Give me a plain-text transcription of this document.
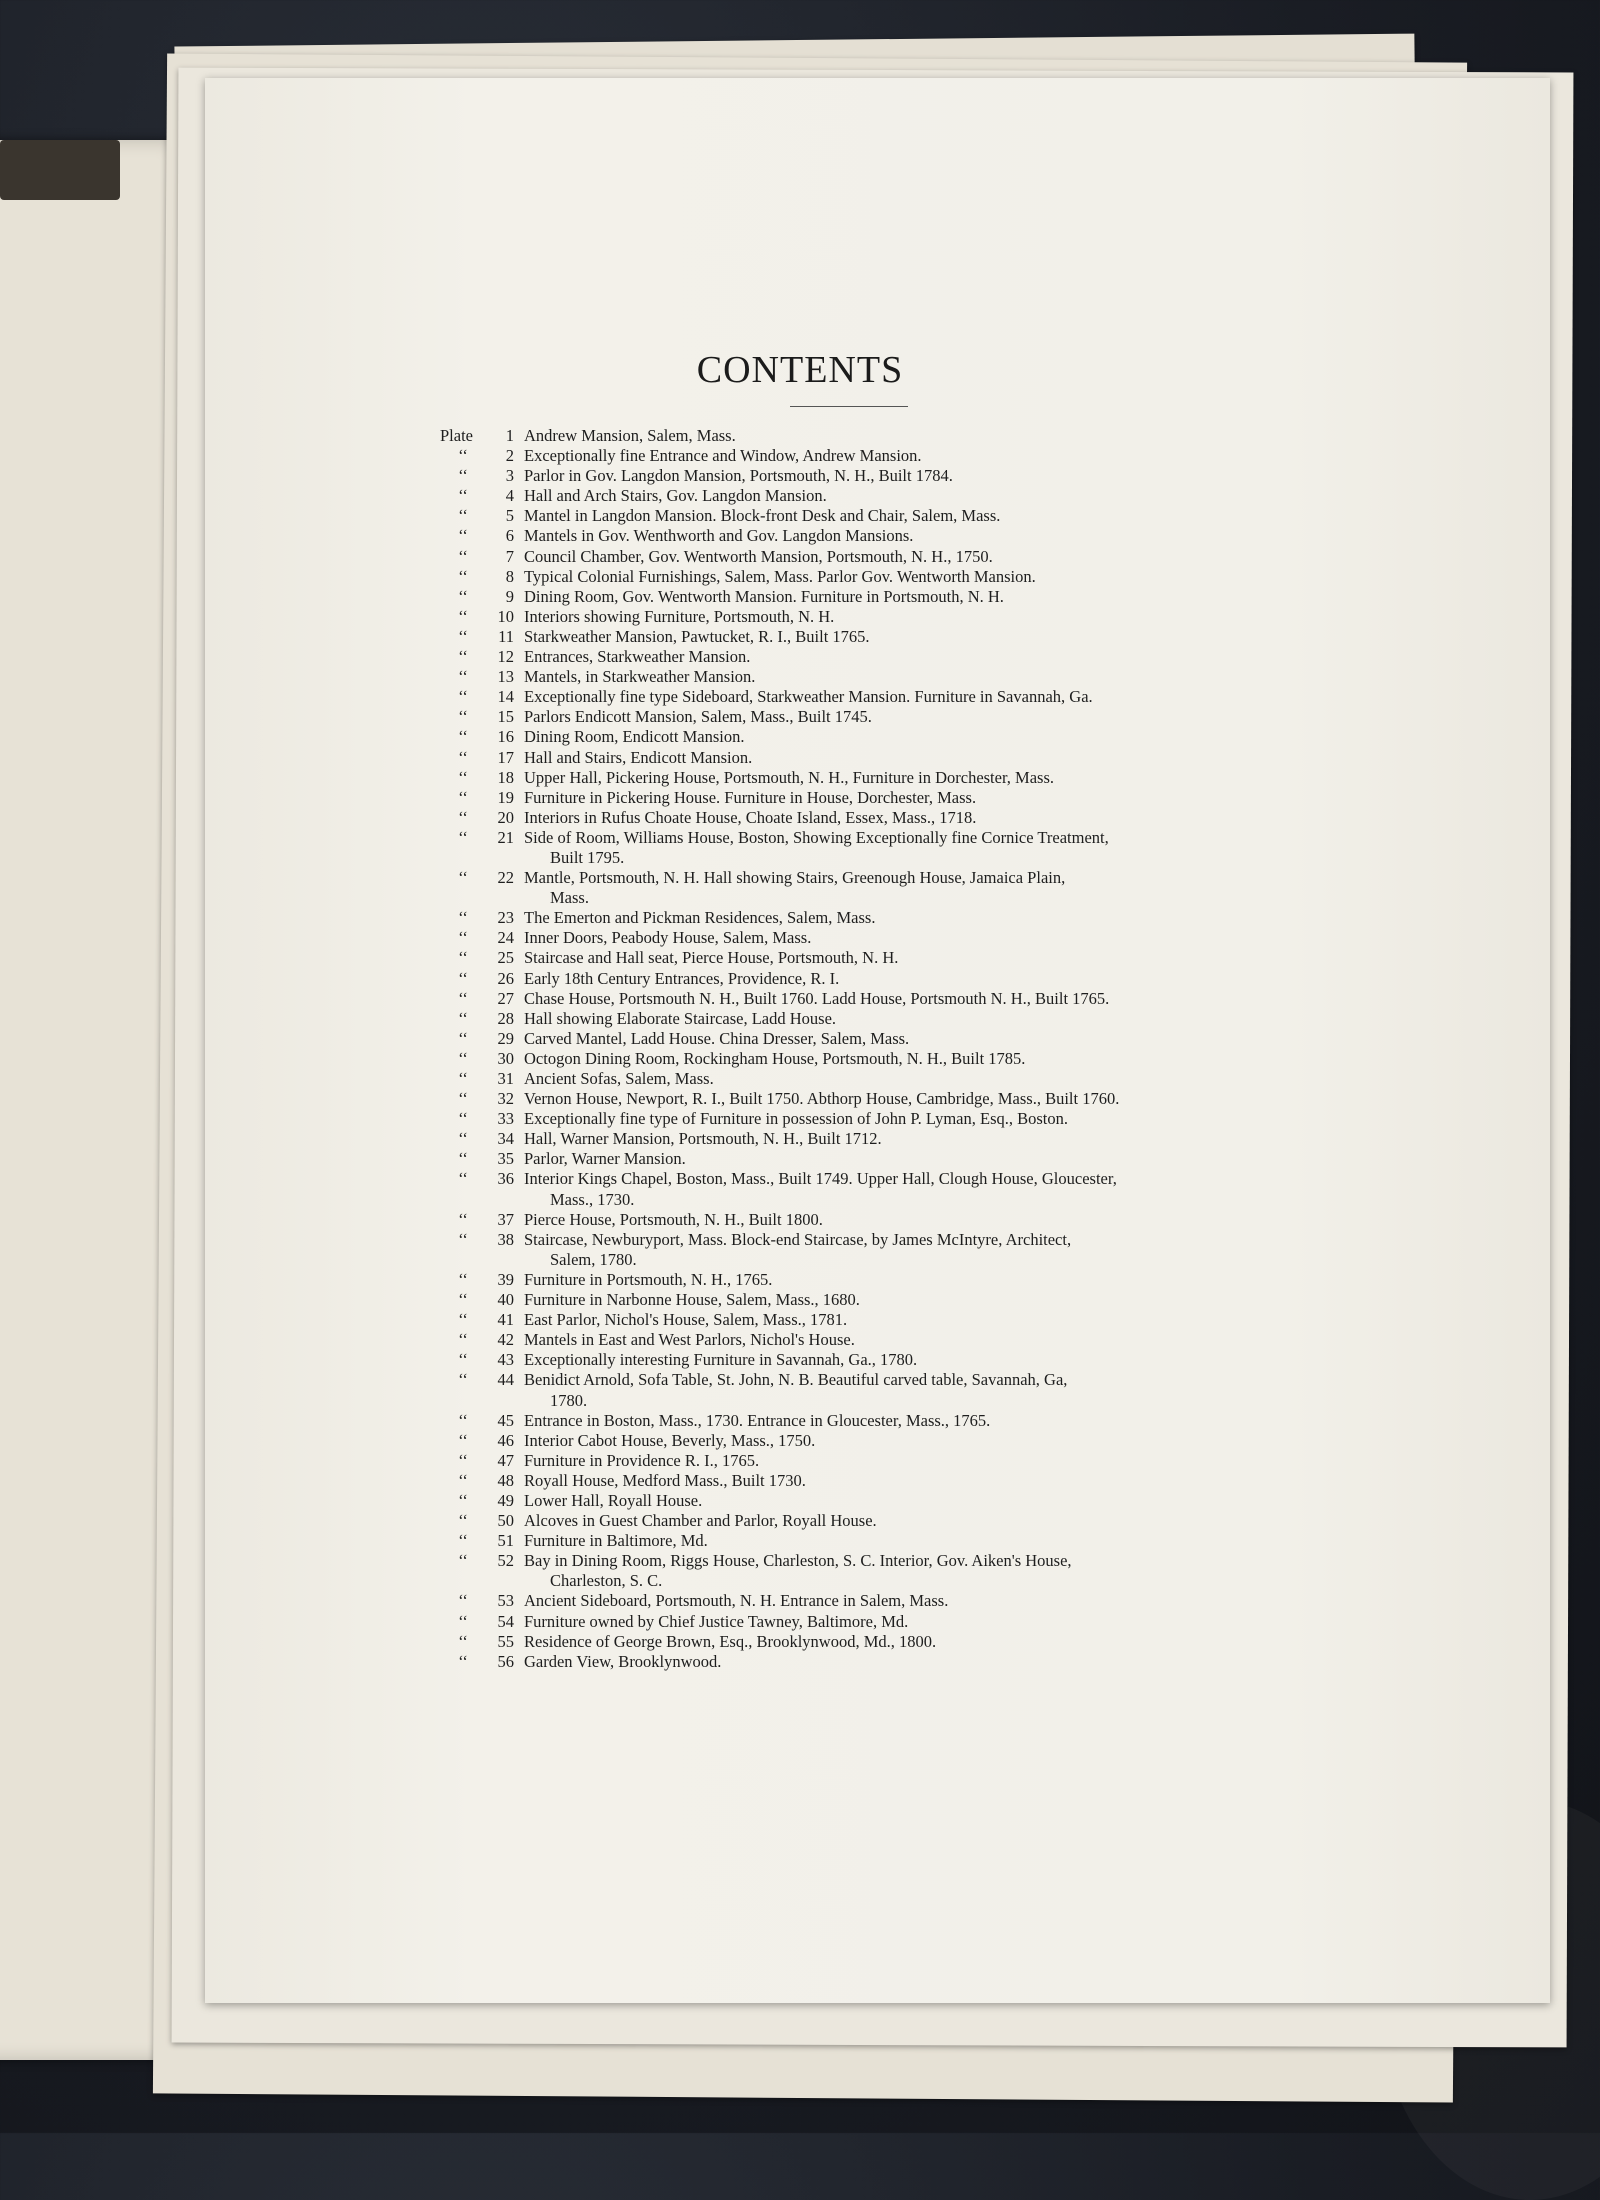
CONTENTS
Plate	1 Andrew Mansion, Salem, Mass.
‘‘	2 Exceptionally fine Entrance and Window, Andrew Mansion.
‘‘	3 Parlor in Gov. Langdon Mansion, Portsmouth, N. H., Built 1784.
‘‘	4 Hall and Arch Stairs, Gov. Langdon Mansion.
‘‘	5 Mantel in Langdon Mansion. Block-front Desk and Chair, Salem, Mass.
‘‘	6 Mantels in Gov. Wenthworth and Gov. Langdon Mansions.
‘‘	7 Council Chamber, Gov. Wentworth Mansion, Portsmouth, N. H., 1750.
‘‘	8 Typical Colonial Furnishings, Salem, Mass. Parlor Gov. Wentworth Mansion.
‘‘	9 Dining Room, Gov. Wentworth Mansion. Furniture in Portsmouth, N. H.
‘‘	10 Interiors showing Furniture, Portsmouth, N. H.
‘‘	11 Starkweather Mansion, Pawtucket, R. I., Built 1765.
‘‘	12 Entrances, Starkweather Mansion.
‘‘	13 Mantels, in Starkweather Mansion.
‘‘	14 Exceptionally fine type Sideboard, Starkweather Mansion. Furniture in Savannah, Ga.
‘‘	15 Parlors Endicott Mansion, Salem, Mass., Built 1745.
‘‘	16 Dining Room, Endicott Mansion.
‘‘	17 Hall and Stairs, Endicott Mansion.
‘‘	18 Upper Hall, Pickering House, Portsmouth, N. H., Furniture in Dorchester, Mass.
‘‘	19 Furniture in Pickering House. Furniture in House, Dorchester, Mass.
‘‘	20 Interiors in Rufus Choate House, Choate Island, Essex, Mass., 1718.
‘‘	21 Side of Room, Williams House, Boston, Showing Exceptionally fine Cornice Treatment,
Built 1795.
‘‘	22 Mantle, Portsmouth, N. H. Hall showing Stairs, Greenough House, Jamaica Plain,
Mass.
‘‘	23 The Emerton and Pickman Residences, Salem, Mass.
‘‘	24 Inner Doors, Peabody House, Salem, Mass.
‘‘	25 Staircase and Hall seat, Pierce House, Portsmouth, N. H.
‘‘	26 Early 18th Century Entrances, Providence, R. I.
‘‘	27 Chase House, Portsmouth N. H., Built 1760. Ladd House, Portsmouth N. H., Built 1765.
‘‘	28 Hall showing Elaborate Staircase, Ladd House.
‘‘	29 Carved Mantel, Ladd House. China Dresser, Salem, Mass.
‘‘	30 Octogon Dining Room, Rockingham House, Portsmouth, N. H., Built 1785.
‘‘	31 Ancient Sofas, Salem, Mass.
‘‘	32 Vernon House, Newport, R. I., Built 1750. Abthorp House, Cambridge, Mass., Built 1760.
‘‘	33 Exceptionally fine type of Furniture in possession of John P. Lyman, Esq., Boston.
‘‘	34 Hall, Warner Mansion, Portsmouth, N. H., Built 1712.
‘‘	35 Parlor, Warner Mansion.
‘‘	36 Interior Kings Chapel, Boston, Mass., Built 1749. Upper Hall, Clough House, Gloucester,
Mass., 1730.
‘‘	37 Pierce House, Portsmouth, N. H., Built 1800.
‘‘	38 Staircase, Newburyport, Mass. Block-end Staircase, by James McIntyre, Architect,
Salem, 1780.
‘‘	39 Furniture in Portsmouth, N. H., 1765.
‘‘	40 Furniture in Narbonne House, Salem, Mass., 1680.
‘‘	41 East Parlor, Nichol's House, Salem, Mass., 1781.
‘‘	42 Mantels in East and West Parlors, Nichol's House.
‘‘	43 Exceptionally interesting Furniture in Savannah, Ga., 1780.
‘‘	44 Benidict Arnold, Sofa Table, St. John, N. B. Beautiful carved table, Savannah, Ga,
1780.
‘‘	45 Entrance in Boston, Mass., 1730. Entrance in Gloucester, Mass., 1765.
‘‘	46 Interior Cabot House, Beverly, Mass., 1750.
‘‘	47 Furniture in Providence R. I., 1765.
‘‘	48 Royall House, Medford Mass., Built 1730.
‘‘	49 Lower Hall, Royall House.
‘‘	50 Alcoves in Guest Chamber and Parlor, Royall House.
‘‘	51 Furniture in Baltimore, Md.
‘‘	52 Bay in Dining Room, Riggs House, Charleston, S. C. Interior, Gov. Aiken's House,
Charleston, S. C.
‘‘	53 Ancient Sideboard, Portsmouth, N. H. Entrance in Salem, Mass.
‘‘	54 Furniture owned by Chief Justice Tawney, Baltimore, Md.
‘‘	55 Residence of George Brown, Esq., Brooklynwood, Md., 1800.
‘‘	56 Garden View, Brooklynwood.
